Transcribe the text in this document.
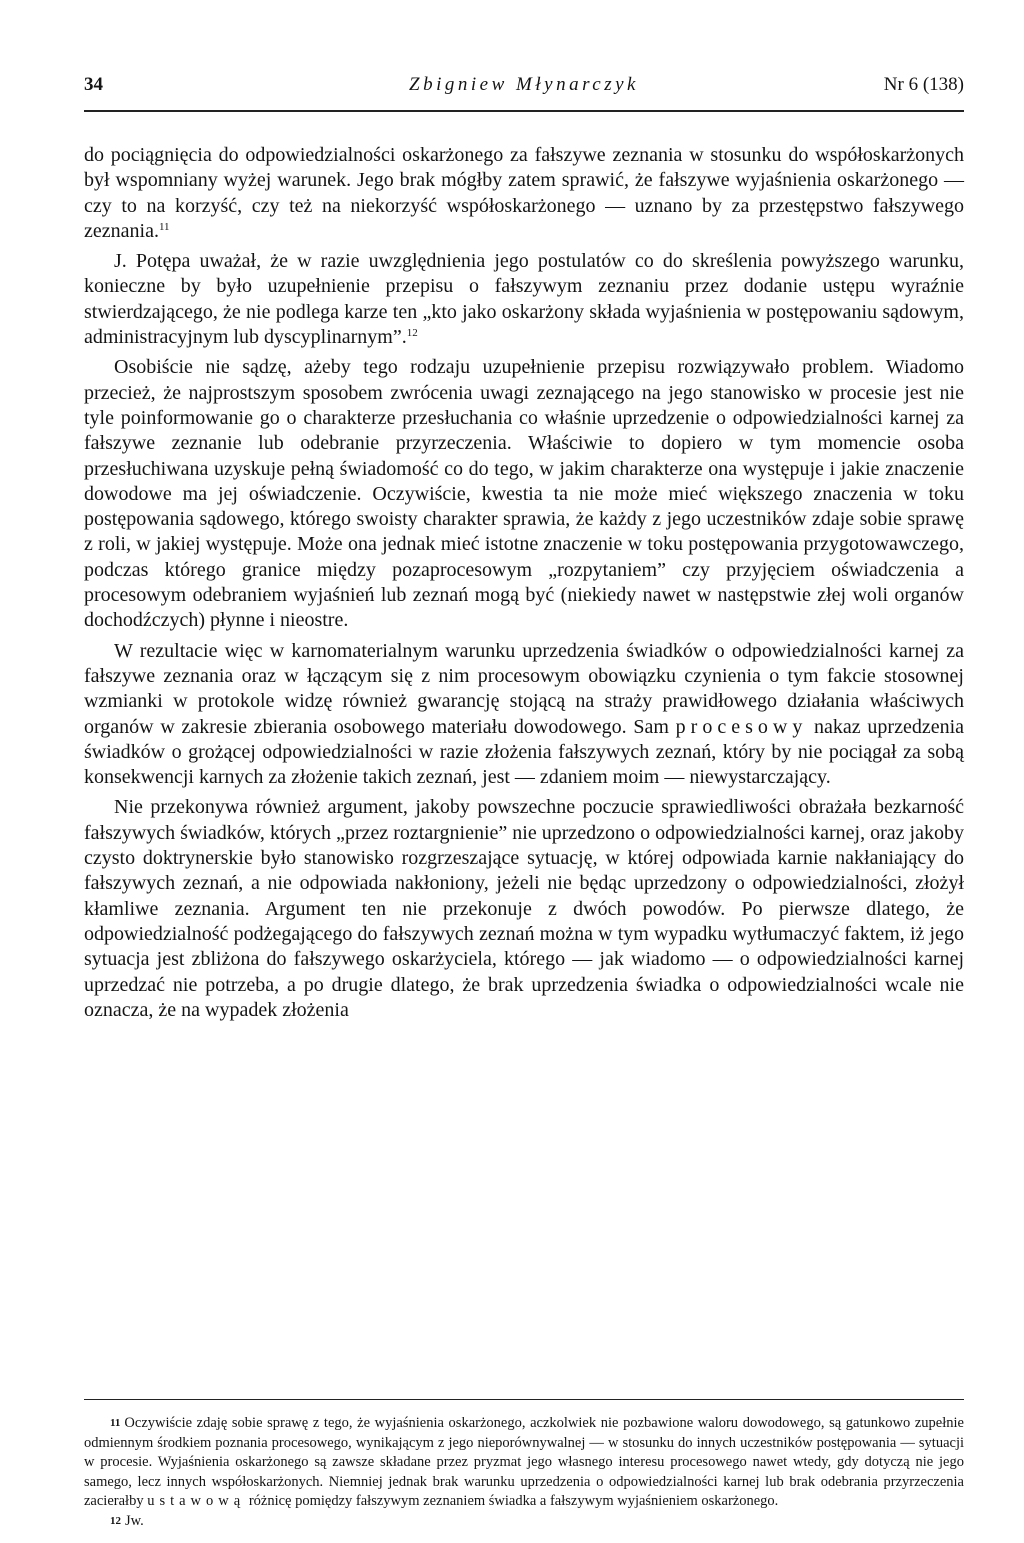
34	Zbigniew Młynarczyk	Nr 6 (138)

do pociągnięcia do odpowiedzialności oskarżonego za fałszywe zeznania w stosunku do współoskarżonych był wspomniany wyżej warunek. Jego brak mógłby zatem sprawić, że fałszywe wyjaśnienia oskarżonego — czy to na korzyść, czy też na niekorzyść współoskarżonego — uznano by za przestępstwo fałszywego zeznania.$^{11}$

J. Potępa uważał, że w razie uwzględnienia jego postulatów co do skreślenia powyższego warunku, konieczne by było uzupełnienie przepisu o fałszywym zeznaniu przez dodanie ustępu wyraźnie stwierdzającego, że nie podlega karze ten „kto jako oskarżony składa wyjaśnienia w postępowaniu sądowym, administracyjnym lub dyscyplinarnym”.$^{12}$

Osobiście nie sądzę, ażeby tego rodzaju uzupełnienie przepisu rozwiązywało problem. Wiadomo przecież, że najprostszym sposobem zwrócenia uwagi zeznającego na jego stanowisko w procesie jest nie tyle poinformowanie go o charakterze przesłuchania co właśnie uprzedzenie o odpowiedzialności karnej za fałszywe zeznanie lub odebranie przyrzeczenia. Właściwie to dopiero w tym momencie osoba przesłuchiwana uzyskuje pełną świadomość co do tego, w jakim charakterze ona występuje i jakie znaczenie dowodowe ma jej oświadczenie. Oczywiście, kwestia ta nie może mieć większego znaczenia w toku postępowania sądowego, którego swoisty charakter sprawia, że każdy z jego uczestników zdaje sobie sprawę z roli, w jakiej występuje. Może ona jednak mieć istotne znaczenie w toku postępowania przygotowawczego, podczas którego granice między pozaprocesowym „rozpytaniem” czy przyjęciem oświadczenia a procesowym odebraniem wyjaśnień lub zeznań mogą być (niekiedy nawet w następstwie złej woli organów dochodźczych) płynne i nieostre.

W rezultacie więc w karnomaterialnym warunku uprzedzenia świadków o odpowiedzialności karnej za fałszywe zeznania oraz w łączącym się z nim procesowym obowiązku czynienia o tym fakcie stosownej wzmianki w protokole widzę również gwarancję stojącą na straży prawidłowego działania właściwych organów w zakresie zbierania osobowego materiału dowodowego. Sam procesowy nakaz uprzedzenia świadków o grożącej odpowiedzialności w razie złożenia fałszywych zeznań, który by nie pociągał za sobą konsekwencji karnych za złożenie takich zeznań, jest — zdaniem moim — niewystarczający.

Nie przekonywa również argument, jakoby powszechne poczucie sprawiedliwości obrażała bezkarność fałszywych świadków, których „przez roztargnienie” nie uprzedzono o odpowiedzialności karnej, oraz jakoby czysto doktrynerskie było stanowisko rozgrzeszające sytuację, w której odpowiada karnie nakłaniający do fałszywych zeznań, a nie odpowiada nakłoniony, jeżeli nie będąc uprzedzony o odpowiedzialności, złożył kłamliwe zeznania. Argument ten nie przekonuje z dwóch powodów. Po pierwsze dlatego, że odpowiedzialność podżegającego do fałszywych zeznań można w tym wypadku wytłumaczyć faktem, iż jego sytuacja jest zbliżona do fałszywego oskarżyciela, którego — jak wiadomo — o odpowiedzialności karnej uprzedzać nie potrzeba, a po drugie dlatego, że brak uprzedzenia świadka o odpowiedzialności wcale nie oznacza, że na wypadek złożenia

11 Oczywiście zdaję sobie sprawę z tego, że wyjaśnienia oskarżonego, aczkolwiek nie pozbawione waloru dowodowego, są gatunkowo zupełnie odmiennym środkiem poznania procesowego, wynikającym z jego nieporównywalnej — w stosunku do innych uczestników postępowania — sytuacji w procesie. Wyjaśnienia oskarżonego są zawsze składane przez pryzmat jego własnego interesu procesowego nawet wtedy, gdy dotyczą nie jego samego, lecz innych współoskarżonych. Niemniej jednak brak warunku uprzedzenia o odpowiedzialności karnej lub brak odebrania przyrzeczenia zacierałby ustawową różnicę pomiędzy fałszywym zeznaniem świadka a fałszywym wyjaśnieniem oskarżonego.

12 Jw.
